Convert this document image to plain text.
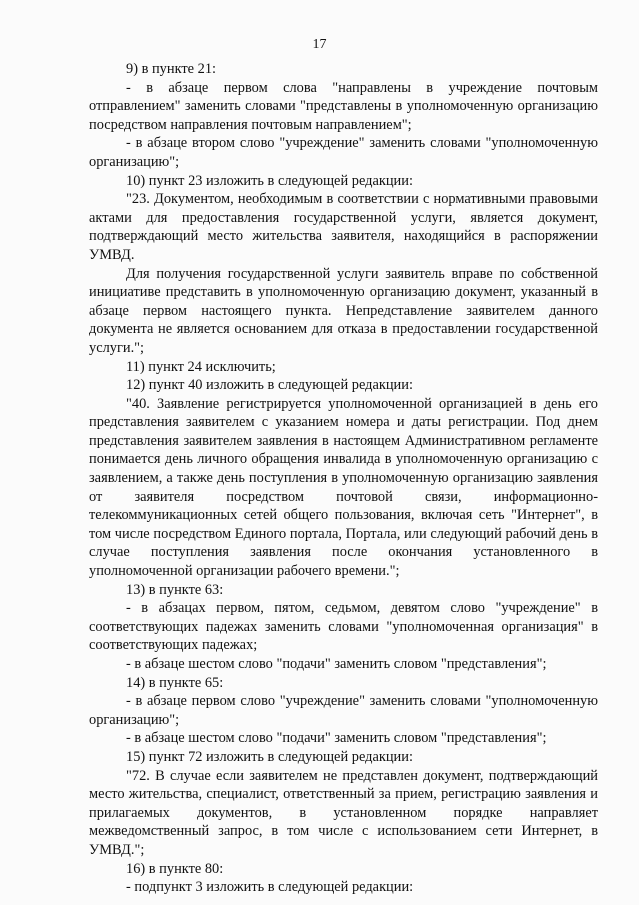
17

9) в пункте 21:

- в абзаце первом слова "направлены в учреждение почтовым отправлением" заменить словами "представлены в уполномоченную организацию посредством направления почтовым направлением";

- в абзаце втором слово "учреждение" заменить словами "уполномоченную организацию";

10) пункт 23 изложить в следующей редакции:

"23. Документом, необходимым в соответствии с нормативными правовыми актами для предоставления государственной услуги, является документ, подтверждающий место жительства заявителя, находящийся в распоряжении УМВД.

Для получения государственной услуги заявитель вправе по собственной инициативе представить в уполномоченную организацию документ, указанный в абзаце первом настоящего пункта. Непредставление заявителем данного документа не является основанием для отказа в предоставлении государственной услуги.";

11) пункт 24 исключить;

12) пункт 40 изложить в следующей редакции:

"40. Заявление регистрируется уполномоченной организацией в день его представления заявителем с указанием номера и даты регистрации. Под днем представления заявителем заявления в настоящем Административном регламенте понимается день личного обращения инвалида в уполномоченную организацию с заявлением, а также день поступления в уполномоченную организацию заявления от заявителя посредством почтовой связи, информационно-телекоммуникационных сетей общего пользования, включая сеть "Интернет", в том числе посредством Единого портала, Портала, или следующий рабочий день в случае поступления заявления после окончания установленного в уполномоченной организации рабочего времени.";

13) в пункте 63:

- в абзацах первом, пятом, седьмом, девятом слово "учреждение" в соответствующих падежах заменить словами "уполномоченная организация" в соответствующих падежах;

- в абзаце шестом слово "подачи" заменить словом "представления";

14) в пункте 65:

- в абзаце первом слово "учреждение" заменить словами "уполномоченную организацию";

- в абзаце шестом слово "подачи" заменить словом "представления";

15) пункт 72 изложить в следующей редакции:

"72. В случае если заявителем не представлен документ, подтверждающий место жительства, специалист, ответственный за прием, регистрацию заявления и прилагаемых документов, в установленном порядке направляет межведомственный запрос, в том числе с использованием сети Интернет, в УМВД.";

16) в пункте 80:

- подпункт 3 изложить в следующей редакции:
